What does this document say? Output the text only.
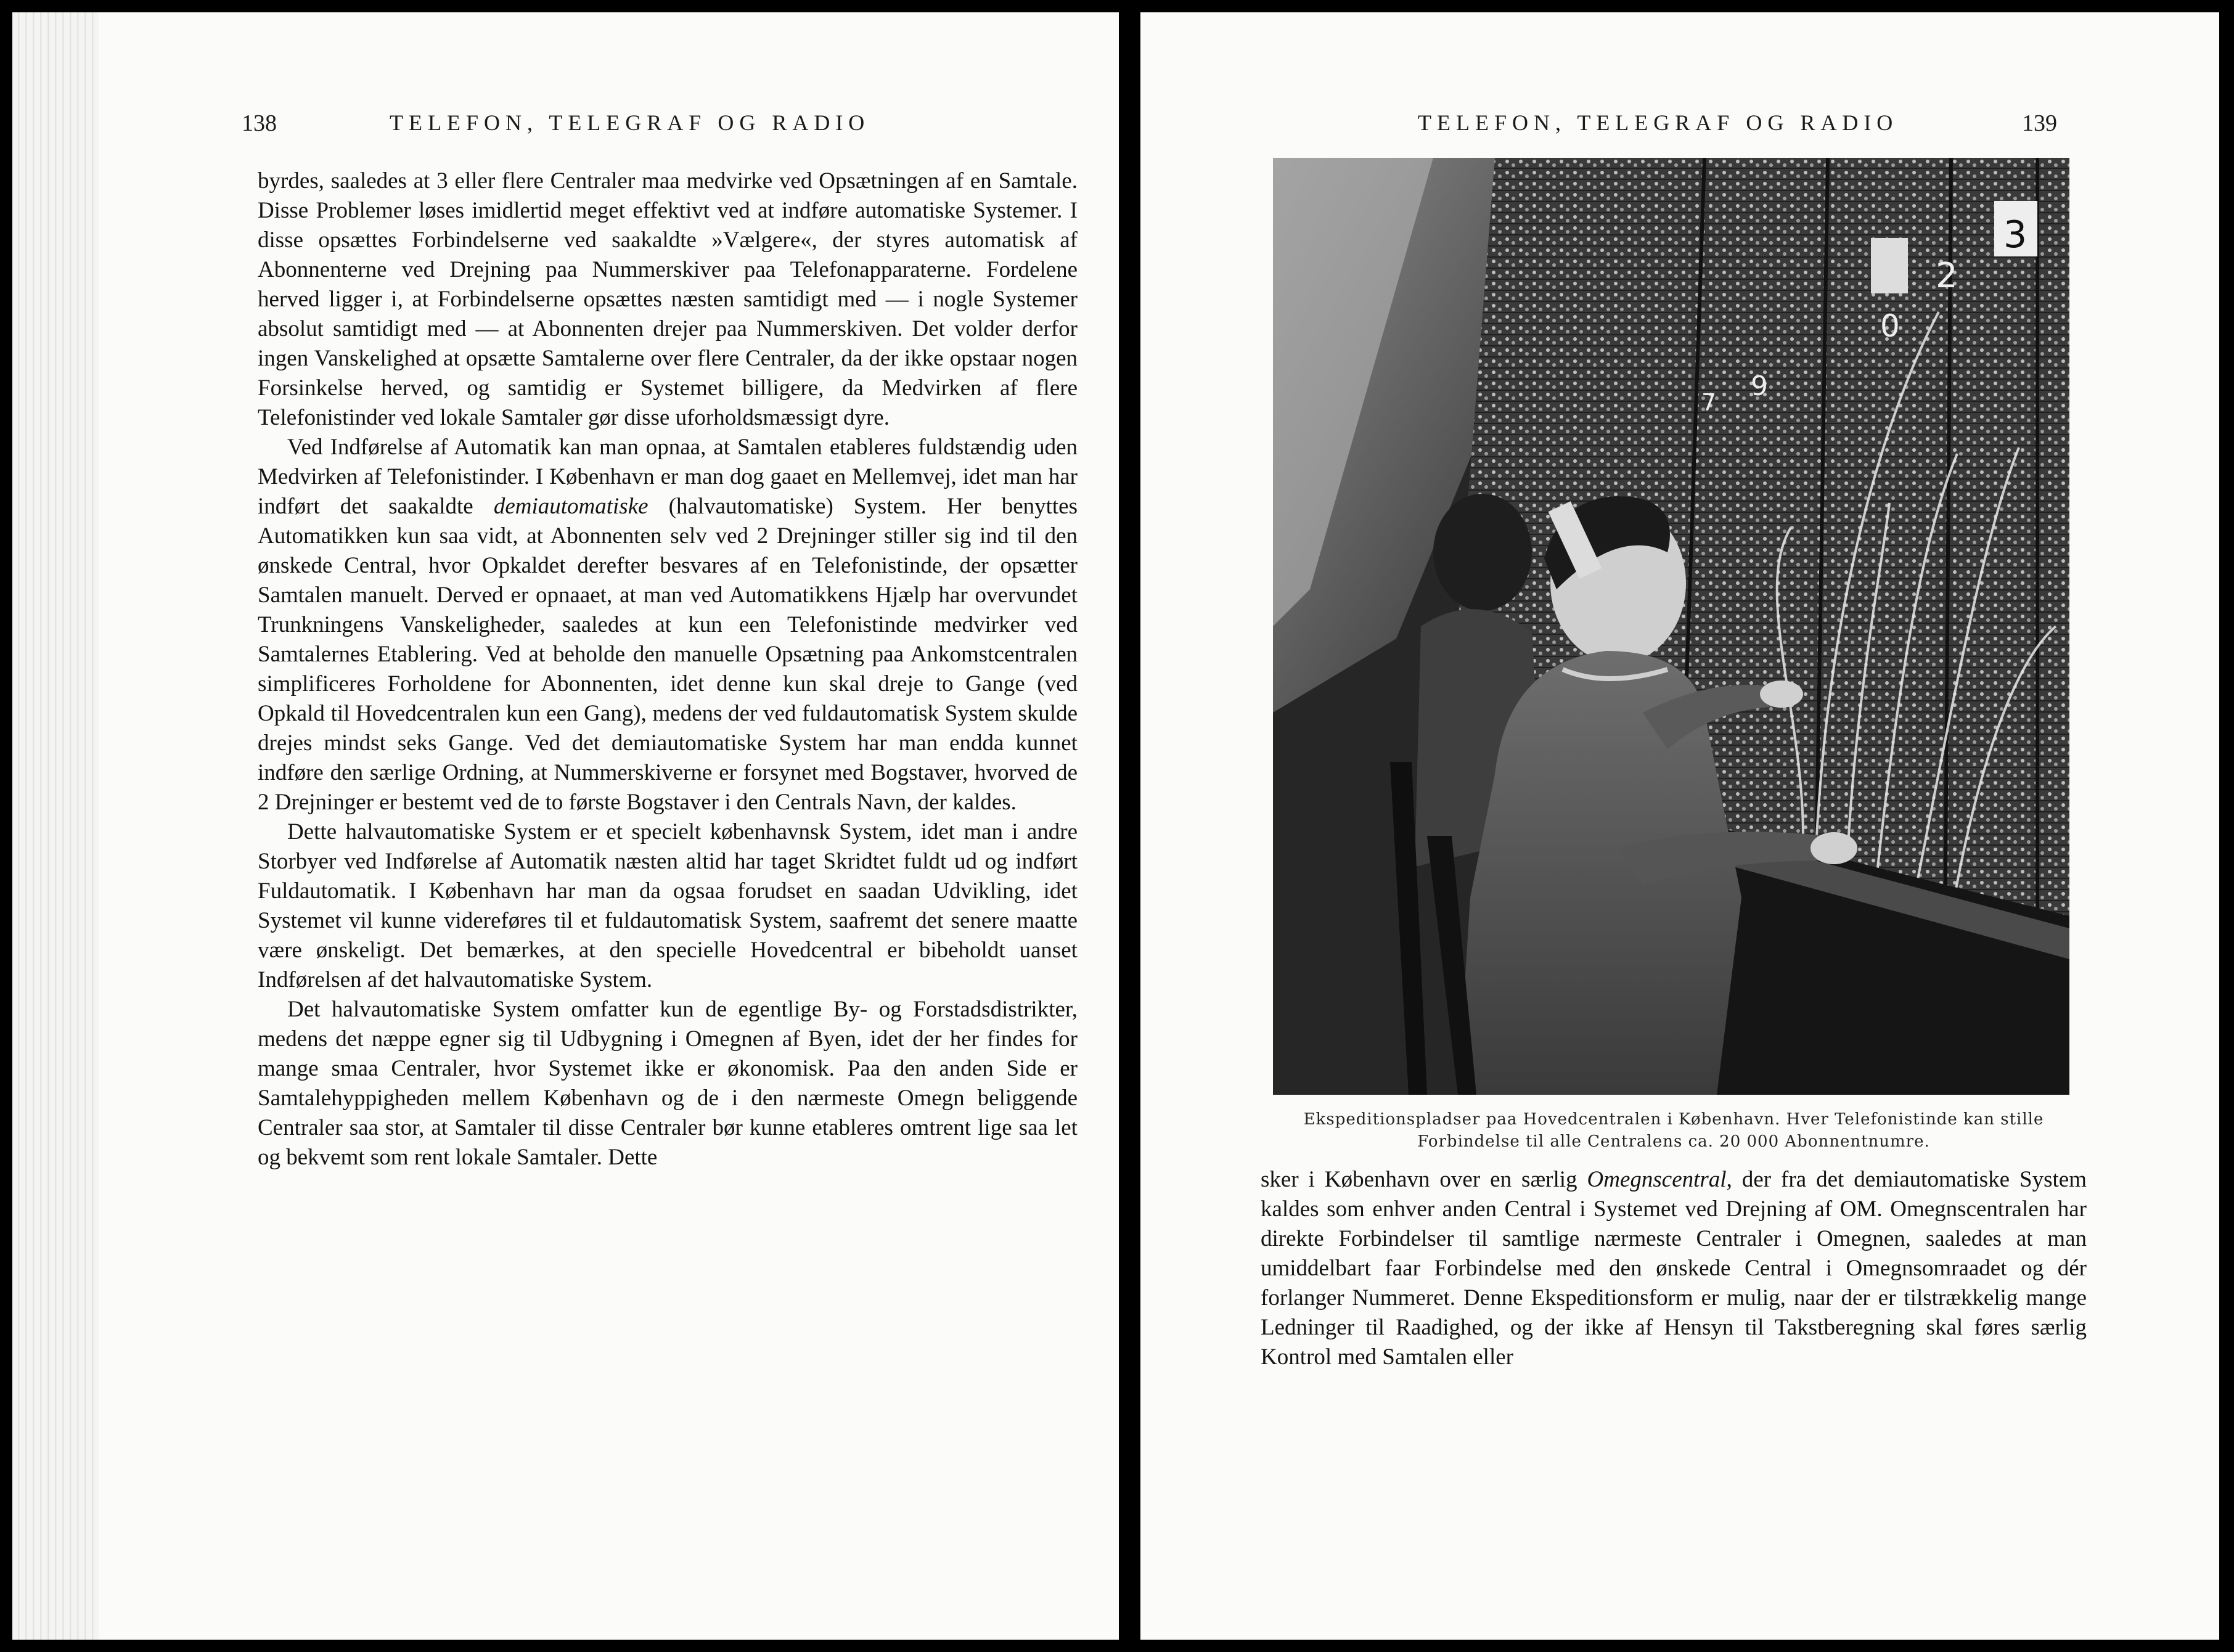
138	TELEFON, TELEGRAF OG RADIO

byrdes, saaledes at 3 eller flere Centraler maa medvirke ved Opsætningen af en Samtale. Disse Problemer løses imidlertid meget effektivt ved at indføre automatiske Systemer. I disse opsættes Forbindelserne ved saakaldte »Vælgere«, der styres automatisk af Abonnenterne ved Drejning paa Nummerskiver paa Telefonapparaterne. Fordelene herved ligger i, at Forbindelserne opsættes næsten samtidigt med — i nogle Systemer absolut samtidigt med — at Abonnenten drejer paa Nummerskiven. Det volder derfor ingen Vanskelighed at opsætte Samtalerne over flere Centraler, da der ikke opstaar nogen Forsinkelse herved, og samtidig er Systemet billigere, da Medvirken af flere Telefonistinder ved lokale Samtaler gør disse uforholdsmæssigt dyre.

Ved Indførelse af Automatik kan man opnaa, at Samtalen etableres fuldstændig uden Medvirken af Telefonistinder. I København er man dog gaaet en Mellemvej, idet man har indført det saakaldte demiautomatiske (halvautomatiske) System. Her benyttes Automatikken kun saa vidt, at Abonnenten selv ved 2 Drejninger stiller sig ind til den ønskede Central, hvor Opkaldet derefter besvares af en Telefonistinde, der opsætter Samtalen manuelt. Derved er opnaaet, at man ved Automatikkens Hjælp har overvundet Trunkningens Vanskeligheder, saaledes at kun een Telefonistinde medvirker ved Samtalernes Etablering. Ved at beholde den manuelle Opsætning paa Ankomstcentralen simplificeres Forholdene for Abonnenten, idet denne kun skal dreje to Gange (ved Opkald til Hovedcentralen kun een Gang), medens der ved fuldautomatisk System skulde drejes mindst seks Gange. Ved det demiautomatiske System har man endda kunnet indføre den særlige Ordning, at Nummerskiverne er forsynet med Bogstaver, hvorved de 2 Drejninger er bestemt ved de to første Bogstaver i den Centrals Navn, der kaldes.

Dette halvautomatiske System er et specielt københavnsk System, idet man i andre Storbyer ved Indførelse af Automatik næsten altid har taget Skridtet fuldt ud og indført Fuldautomatik. I København har man da ogsaa forudset en saadan Udvikling, idet Systemet vil kunne videreføres til et fuldautomatisk System, saafremt det senere maatte være ønskeligt. Det bemærkes, at den specielle Hovedcentral er bibeholdt uanset Indførelsen af det halvautomatiske System.

Det halvautomatiske System omfatter kun de egentlige By- og Forstadsdistrikter, medens det næppe egner sig til Udbygning i Omegnen af Byen, idet der her findes for mange smaa Centraler, hvor Systemet ikke er økonomisk. Paa den anden Side er Samtalehyppigheden mellem København og de i den nærmeste Omegn beliggende Centraler saa stor, at Samtaler til disse Centraler bør kunne etableres omtrent lige saa let og bekvemt som rent lokale Samtaler. Dette

TELEFON, TELEGRAF OG RADIO	139
3
2
0
9
7
Ekspeditionspladser paa Hovedcentralen i København. Hver Telefonistinde kan stille Forbindelse til alle Centralens ca. 20 000 Abonnentnumre.

sker i København over en særlig Omegnscentral, der fra det demiautomatiske System kaldes som enhver anden Central i Systemet ved Drejning af OM. Omegnscentralen har direkte Forbindelser til samtlige nærmeste Centraler i Omegnen, saaledes at man umiddelbart faar Forbindelse med den ønskede Central i Omegnsomraadet og dér forlanger Nummeret. Denne Ekspeditionsform er mulig, naar der er tilstrækkelig mange Ledninger til Raadighed, og der ikke af Hensyn til Takstberegning skal føres særlig Kontrol med Samtalen eller
